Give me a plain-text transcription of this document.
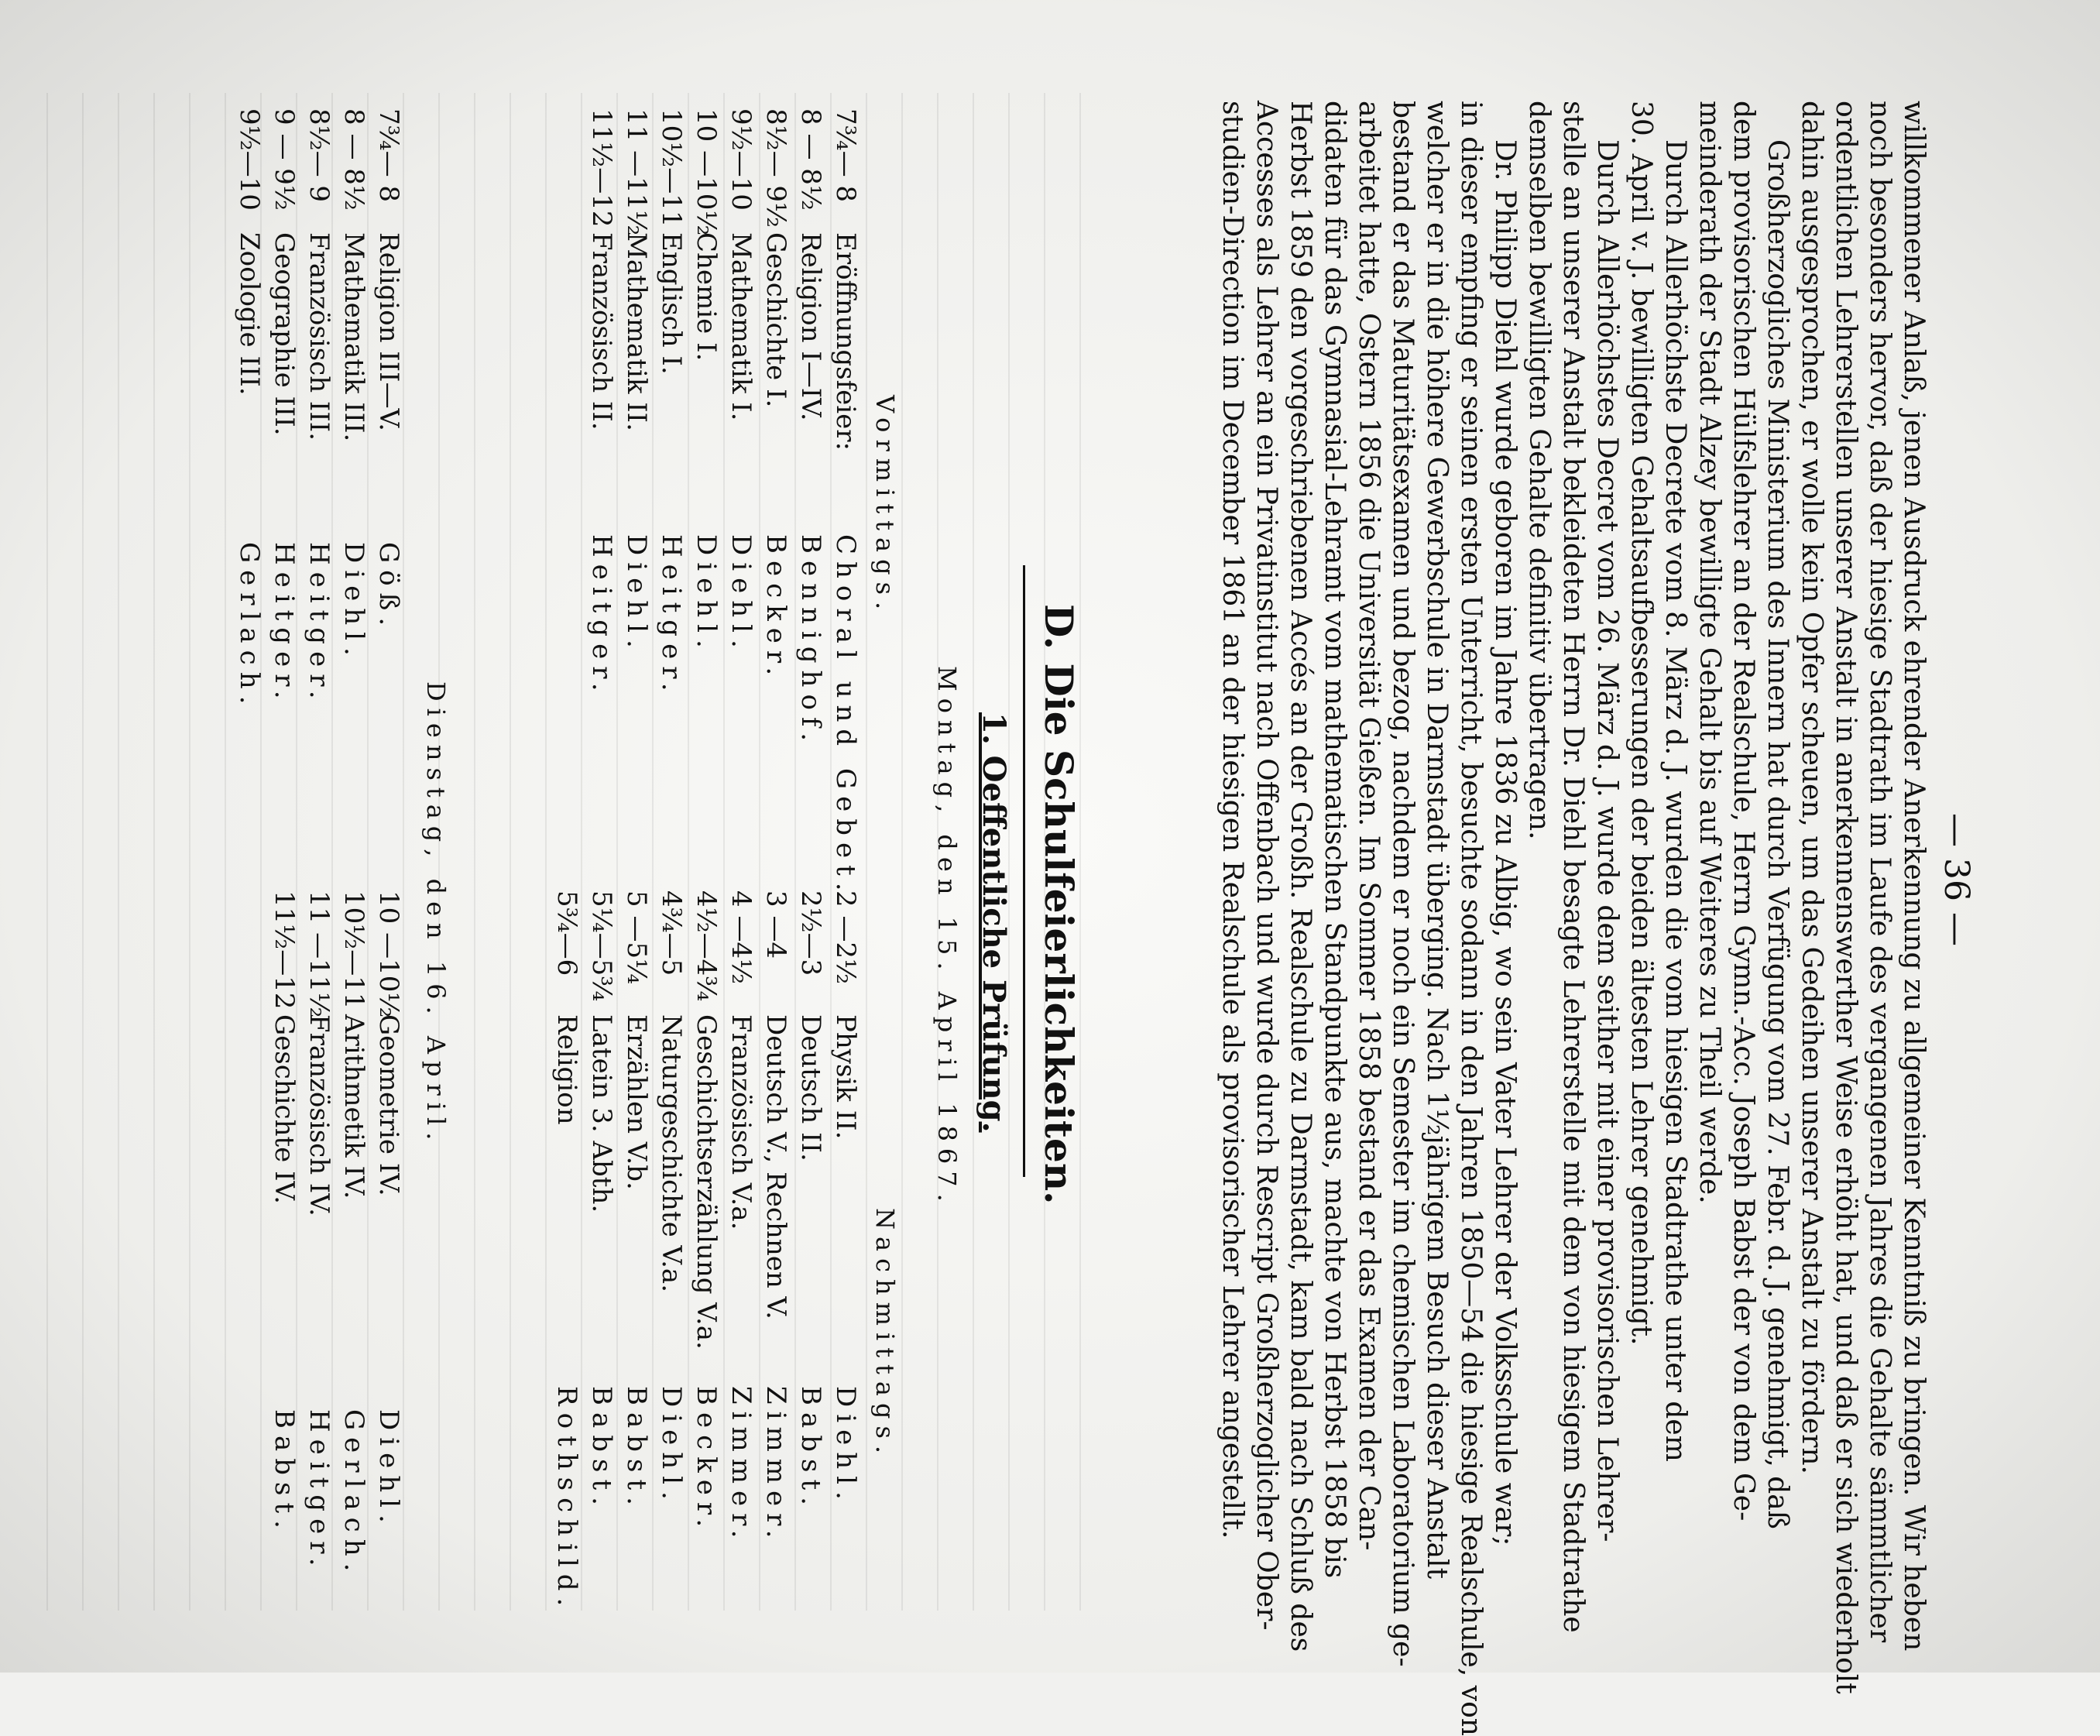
— 36 —
willkommener Anlaß, jenen Ausdruck ehrender Anerkennung zu allgemeiner Kenntniß zu bringen. Wir heben
noch besonders hervor, daß der hiesige Stadtrath im Laufe des vergangenen Jahres die Gehalte sämmtlicher
ordentlichen Lehrerstellen unserer Anstalt in anerkennenswerther Weise erhöht hat, und daß er sich wiederholt
dahin ausgesprochen, er wolle kein Opfer scheuen, um das Gedeihen unserer Anstalt zu fördern.
Großherzogliches Ministerium des Innern hat durch Verfügung vom 27. Febr. d. J. genehmigt, daß
dem provisorischen Hülfslehrer an der Realschule, Herrn Gymn.-Acc. Joseph Babst der von dem Ge-
meinderath der Stadt Alzey bewilligte Gehalt bis auf Weiteres zu Theil werde.
Durch Allerhöchste Decrete vom 8. März d. J. wurden die vom hiesigen Stadtrathe unter dem
30. April v. J. bewilligten Gehaltsaufbesserungen der beiden ältesten Lehrer genehmigt.
Durch Allerhöchstes Decret vom 26. März d. J. wurde dem seither mit einer provisorischen Lehrer-
stelle an unserer Anstalt bekleideten Herrn Dr. Diehl besagte Lehrerstelle mit dem von hiesigem Stadtrathe
demselben bewilligten Gehalte definitiv übertragen.
Dr. Philipp Diehl wurde geboren im Jahre 1836 zu Albig, wo sein Vater Lehrer der Volksschule war;
in dieser empfing er seinen ersten Unterricht, besuchte sodann in den Jahren 1850—54 die hiesige Realschule, von
welcher er in die höhere Gewerbschule in Darmstadt überging. Nach 1½jährigem Besuch dieser Anstalt
bestand er das Maturitätsexamen und bezog, nachdem er noch ein Semester im chemischen Laboratorium ge-
arbeitet hatte, Ostern 1856 die Universität Gießen. Im Sommer 1858 bestand er das Examen der Can-
didaten für das Gymnasial-Lehramt vom mathematischen Standpunkte aus, machte von Herbst 1858 bis
Herbst 1859 den vorgeschriebenen Accés an der Großh. Realschule zu Darmstadt, kam bald nach Schluß des
Accesses als Lehrer an ein Privatinstitut nach Offenbach und wurde durch Rescript Großherzoglicher Ober-
studien-Direction im December 1861 an der hiesigen Realschule als provisorischer Lehrer angestellt.
D. Die Schulfeierlichkeiten.
1. Oeffentliche Prüfung.
Montag, den 15. April 1867.
Vormittags.
Nachmittags.
7¾— 8
Eröffnungsfeier:
Choral und Gebet.
8 — 8½
Religion I—IV.
Bennighof.
8½— 9½
Geschichte I.
Becker.
9½—10
Mathematik I.
Diehl.
10 —10½
Chemie I.
Diehl.
10½—11
Englisch I.
Heitger.
11 —11½
Mathematik II.
Diehl.
11½—12
Französisch II.
Heitger.
2 —2½
Physik II.
Diehl.
2½—3
Deutsch II.
Babst.
3 —4
Deutsch V., Rechnen V.
Zimmer.
4 —4½
Französisch V.a.
Zimmer.
4½—4¾
Geschichtserzählung V.a.
Becker.
4¾—5
Naturgeschichte V.a.
Diehl.
5 —5¼
Erzählen V.b.
Babst.
5¼—5¾
Latein 3. Abth.
Babst.
5¾—6
Religion
Rothschild.
Dienstag, den 16. April.
7¾— 8
Religion III—V.
Göß.
8 — 8½
Mathematik III.
Diehl.
8½— 9
Französisch III.
Heitger.
9 — 9½
Geographie III.
Heitger.
9½—10
Zoologie III.
Gerlach.
10 —10½
Geometrie IV.
Diehl.
10½—11
Arithmetik IV.
Gerlach.
11 —11½
Französisch IV.
Heitger.
11½—12
Geschichte IV.
Babst.
